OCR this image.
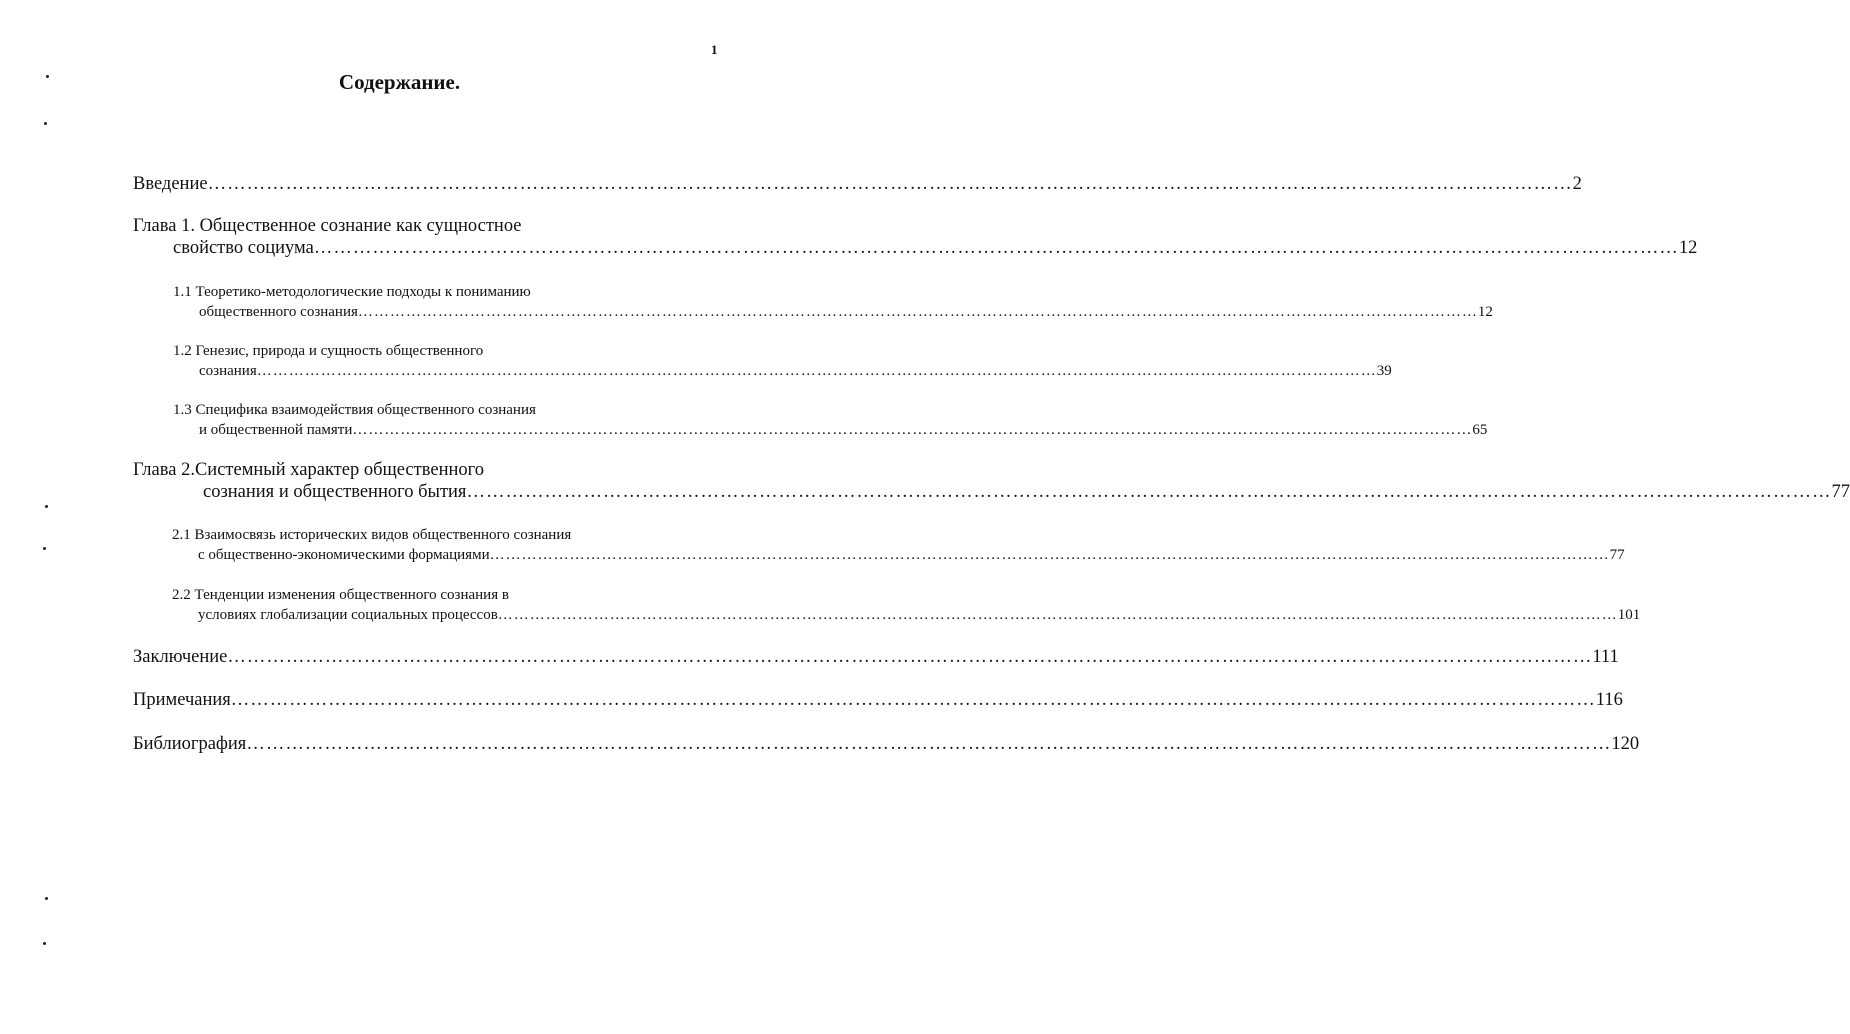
1
Содержание.
Введение ………………………………………………………………………………………………………………………………………………………………………………………… 2
Глава 1. Общественное сознание как сущностное
свойство социума ………………………………………………………………………………………………………………………………………………………………………………………… 12
1.1 Теоретико-методологические подходы к пониманию
общественного сознания ………………………………………………………………………………………………………………………………………………………………………………………… 12
1.2 Генезис, природа и сущность общественного
сознания ………………………………………………………………………………………………………………………………………………………………………………………… 39
1.3 Специфика взаимодействия общественного сознания
и общественной памяти ………………………………………………………………………………………………………………………………………………………………………………………… 65
Глава 2.Системный характер общественного
сознания и общественного бытия ………………………………………………………………………………………………………………………………………………………………………………………… 77
2.1 Взаимосвязь исторических видов общественного сознания
с общественно-экономическими формациями ………………………………………………………………………………………………………………………………………………………………………………………… 77
2.2 Тенденции изменения общественного сознания в
условиях глобализации социальных процессов ………………………………………………………………………………………………………………………………………………………………………………………… 101
Заключение ………………………………………………………………………………………………………………………………………………………………………………………… 111
Примечания ………………………………………………………………………………………………………………………………………………………………………………………… 116
Библиография ………………………………………………………………………………………………………………………………………………………………………………………… 120
